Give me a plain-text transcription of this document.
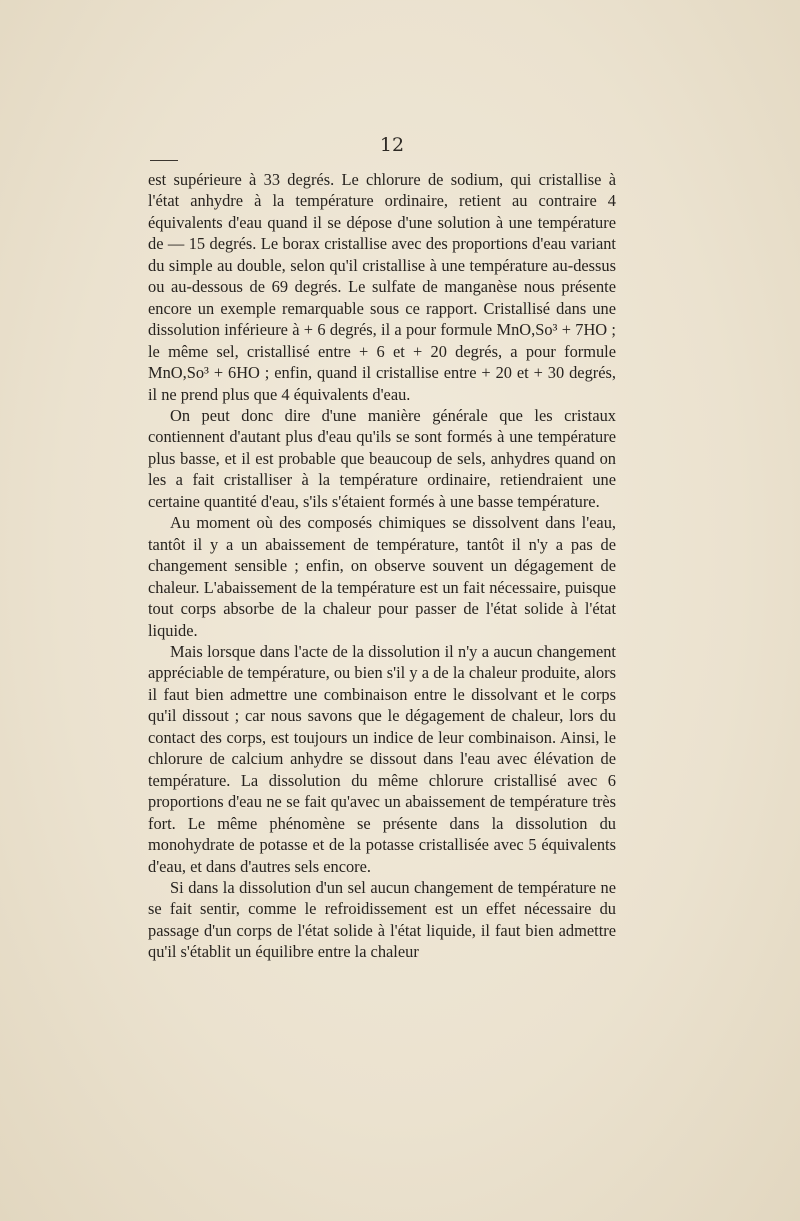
12

est supérieure à 33 degrés. Le chlorure de sodium, qui cristallise à l'état anhydre à la température ordinaire, retient au contraire 4 équivalents d'eau quand il se dépose d'une solution à une température de — 15 degrés. Le borax cristallise avec des proportions d'eau variant du simple au double, selon qu'il cristallise à une température au-dessus ou au-dessous de 69 degrés. Le sulfate de manganèse nous présente encore un exemple remarquable sous ce rapport. Cristallisé dans une dissolution inférieure à + 6 degrés, il a pour formule MnO,So³ + 7HO ; le même sel, cristallisé entre + 6 et + 20 degrés, a pour formule MnO,So³ + 6HO ; enfin, quand il cristallise entre + 20 et + 30 degrés, il ne prend plus que 4 équivalents d'eau.

On peut donc dire d'une manière générale que les cristaux contiennent d'autant plus d'eau qu'ils se sont formés à une température plus basse, et il est probable que beaucoup de sels, anhydres quand on les a fait cristalliser à la température ordinaire, retiendraient une certaine quantité d'eau, s'ils s'étaient formés à une basse température.

Au moment où des composés chimiques se dissolvent dans l'eau, tantôt il y a un abaissement de température, tantôt il n'y a pas de changement sensible ; enfin, on observe souvent un dégagement de chaleur. L'abaissement de la température est un fait nécessaire, puisque tout corps absorbe de la chaleur pour passer de l'état solide à l'état liquide.

Mais lorsque dans l'acte de la dissolution il n'y a aucun changement appréciable de température, ou bien s'il y a de la chaleur produite, alors il faut bien admettre une combinaison entre le dissolvant et le corps qu'il dissout ; car nous savons que le dégagement de chaleur, lors du contact des corps, est toujours un indice de leur combinaison. Ainsi, le chlorure de calcium anhydre se dissout dans l'eau avec élévation de température. La dissolution du même chlorure cristallisé avec 6 proportions d'eau ne se fait qu'avec un abaissement de température très fort. Le même phénomène se présente dans la dissolution du monohydrate de potasse et de la potasse cristallisée avec 5 équivalents d'eau, et dans d'autres sels encore.

Si dans la dissolution d'un sel aucun changement de température ne se fait sentir, comme le refroidissement est un effet nécessaire du passage d'un corps de l'état solide à l'état liquide, il faut bien admettre qu'il s'établit un équilibre entre la chaleur
